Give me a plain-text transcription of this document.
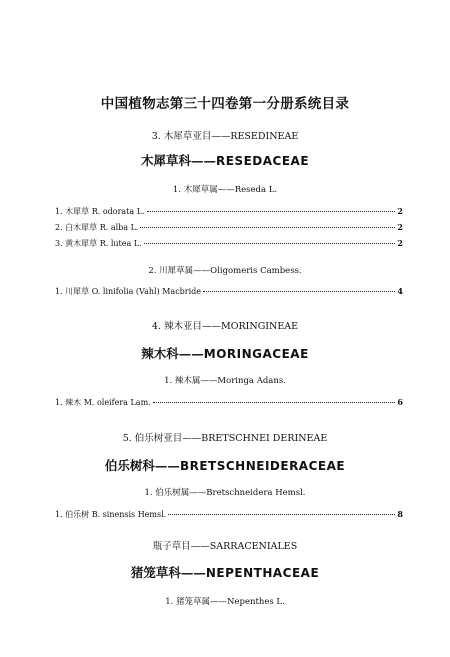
中国植物志第三十四卷第一分册系统目录
3. 木犀草亚目——RESEDINEAE
木犀草科——RESEDACEAE
1. 木犀草属——Reseda L.
1. 木犀草 R. odorata L.	2
2. 白木犀草 R. alba L.	2
3. 黄木犀草 R. lutea L.	2
2. 川犀草属——Oligomeris Cambess.
1. 川犀草 O. linifolia (Vahl) Macbride	4
4. 辣木亚目——MORINGINEAE
辣木科——MORINGACEAE
1. 辣木属——Moringa Adans.
1. 辣木 M. oleifera Lam.	6
5. 伯乐树亚目——BRETSCHNEI DERINEAE
伯乐树科——BRETSCHNEIDERACEAE
1. 伯乐树属——Bretschneidera Hemsl.
1. 伯乐树 B. sinensis Hemsl.	8
瓶子草目——SARRACENIALES
猪笼草科——NEPENTHACEAE
1. 猪笼草属——Nepenthes L.
